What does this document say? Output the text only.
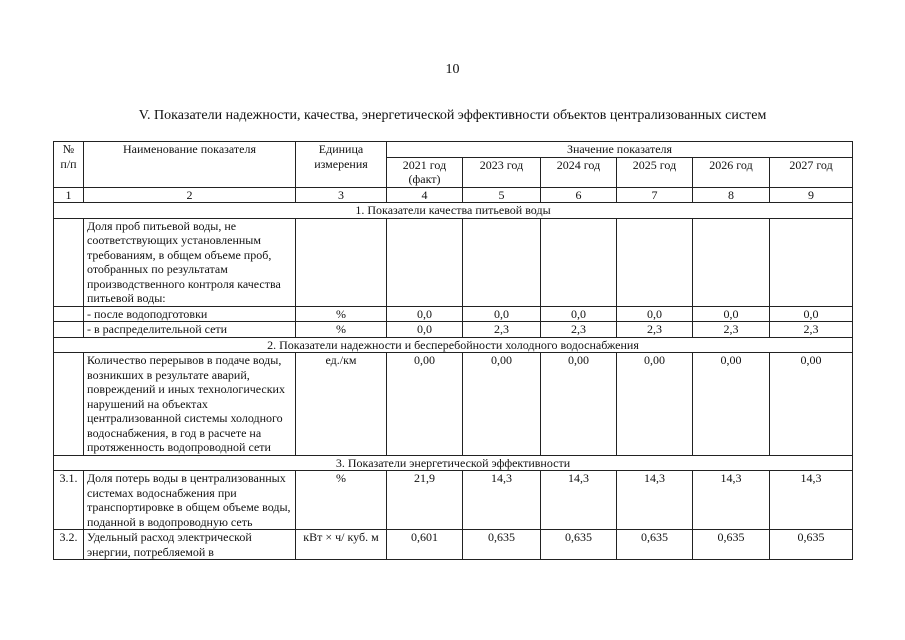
10
V. Показатели надежности, качества, энергетической эффективности объектов централизованных систем
№ п/п	Наименование показателя	Единица измерения	Значение показателя					
			2021 год (факт)	2023 год	2024 год	2025 год	2026 год	2027 год
1	2	3	4	5	6	7	8	9
1. Показатели качества питьевой воды								
	Доля проб питьевой воды, не соответствующих установленным требованиям, в общем объеме проб, отобранных по результатам производственного контроля качества питьевой воды:							
	- после водоподготовки	%	0,0	0,0	0,0	0,0	0,0	0,0
	- в распределительной сети	%	0,0	2,3	2,3	2,3	2,3	2,3
2. Показатели надежности и бесперебойности холодного водоснабжения								
	Количество перерывов в подаче воды, возникших в результате аварий, повреждений и иных технологических нарушений на объектах централизованной системы холодного водоснабжения, в год в расчете на протяженность водопроводной сети	ед./км	0,00	0,00	0,00	0,00	0,00	0,00
3. Показатели энергетической эффективности								
3.1.	Доля потерь воды в централизованных системах водоснабжения при транспортировке в общем объеме воды, поданной в водопроводную сеть	%	21,9	14,3	14,3	14,3	14,3	14,3
3.2.	Удельный расход электрической энергии, потребляемой в	кВт × ч/ куб. м	0,601	0,635	0,635	0,635	0,635	0,635
